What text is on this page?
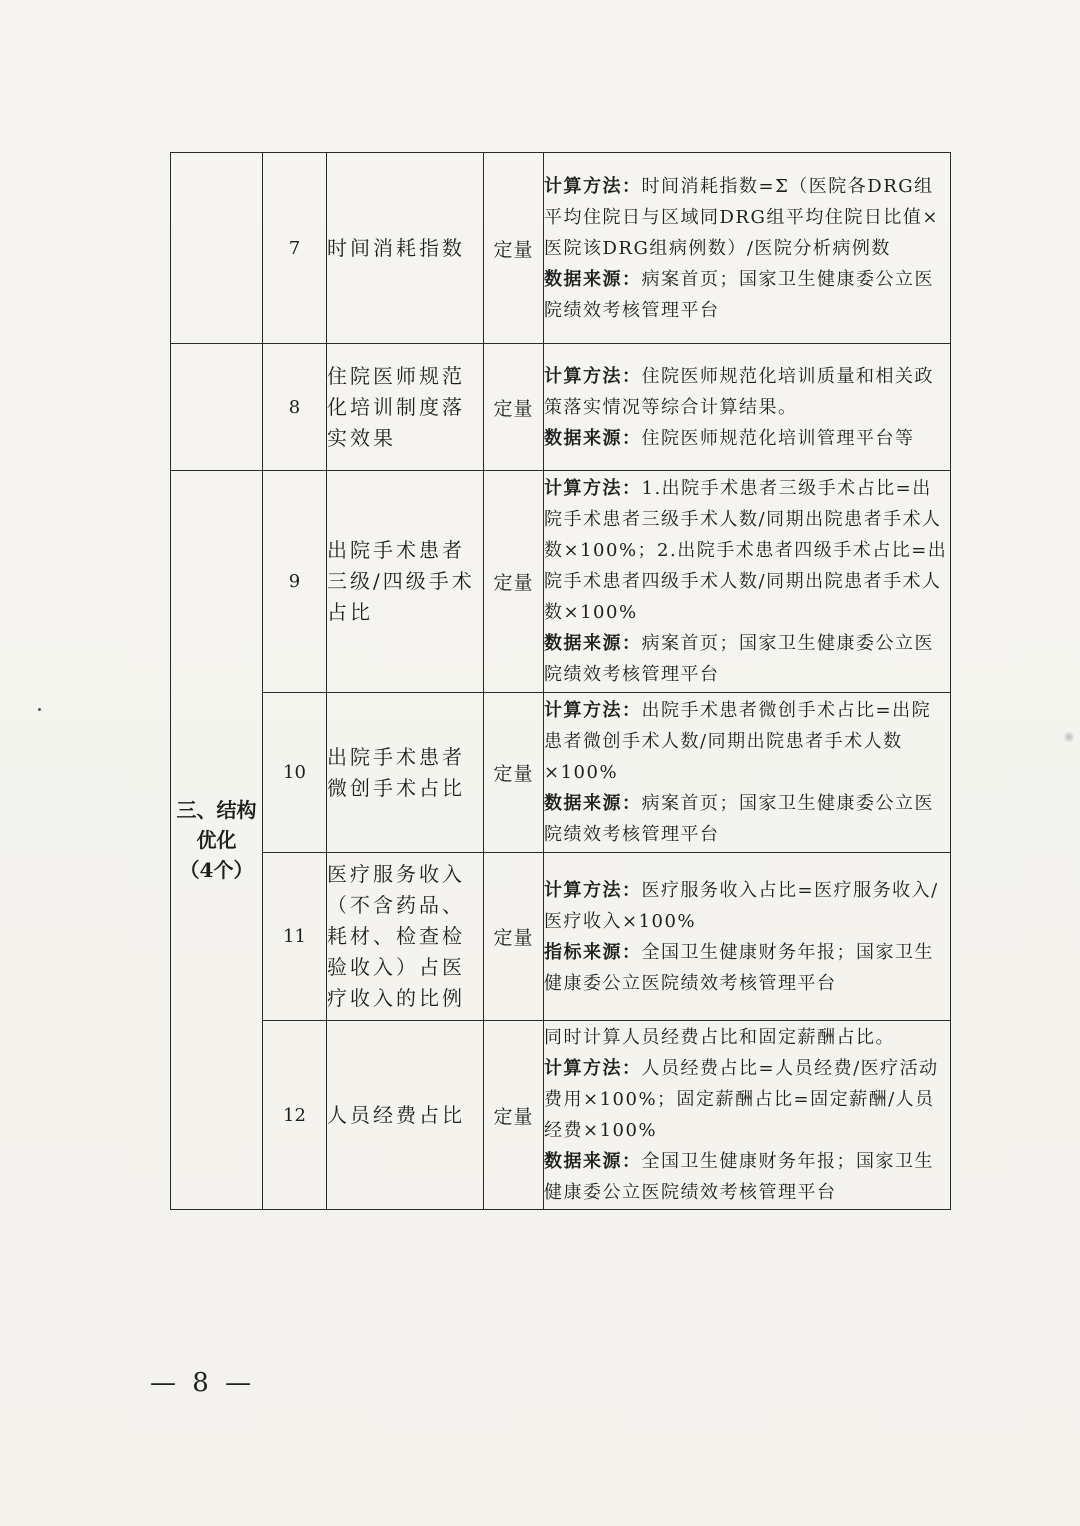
	7	时间消耗指数	定量	计算方法：时间消耗指数=Σ（医院各DRG组平均住院日与区域同DRG组平均住院日比值×医院该DRG组病例数）/医院分析病例数
数据来源：病案首页；国家卫生健康委公立医院绩效考核管理平台

	8	住院医师规范化培训制度落实效果	定量	计算方法：住院医师规范化培训质量和相关政策落实情况等综合计算结果。
数据来源：住院医师规范化培训管理平台等

三、结构
优化
（4个）	9	出院手术患者三级/四级手术占比	定量	计算方法：1.出院手术患者三级手术占比=出院手术患者三级手术人数/同期出院患者手术人数×100%；2.出院手术患者四级手术占比=出院手术患者四级手术人数/同期出院患者手术人数×100%
数据来源：病案首页；国家卫生健康委公立医院绩效考核管理平台

	10	出院手术患者微创手术占比	定量	计算方法：出院手术患者微创手术占比=出院患者微创手术人数/同期出院患者手术人数×100%
数据来源：病案首页；国家卫生健康委公立医院绩效考核管理平台

	11	医疗服务收入（不含药品、耗材、检查检验收入）占医疗收入的比例	定量	计算方法：医疗服务收入占比=医疗服务收入/医疗收入×100%
指标来源：全国卫生健康财务年报；国家卫生健康委公立医院绩效考核管理平台

	12	人员经费占比	定量	同时计算人员经费占比和固定薪酬占比。
计算方法：人员经费占比=人员经费/医疗活动费用×100%；固定薪酬占比=固定薪酬/人员经费×100%
数据来源：全国卫生健康财务年报；国家卫生健康委公立医院绩效考核管理平台
— 8 —
